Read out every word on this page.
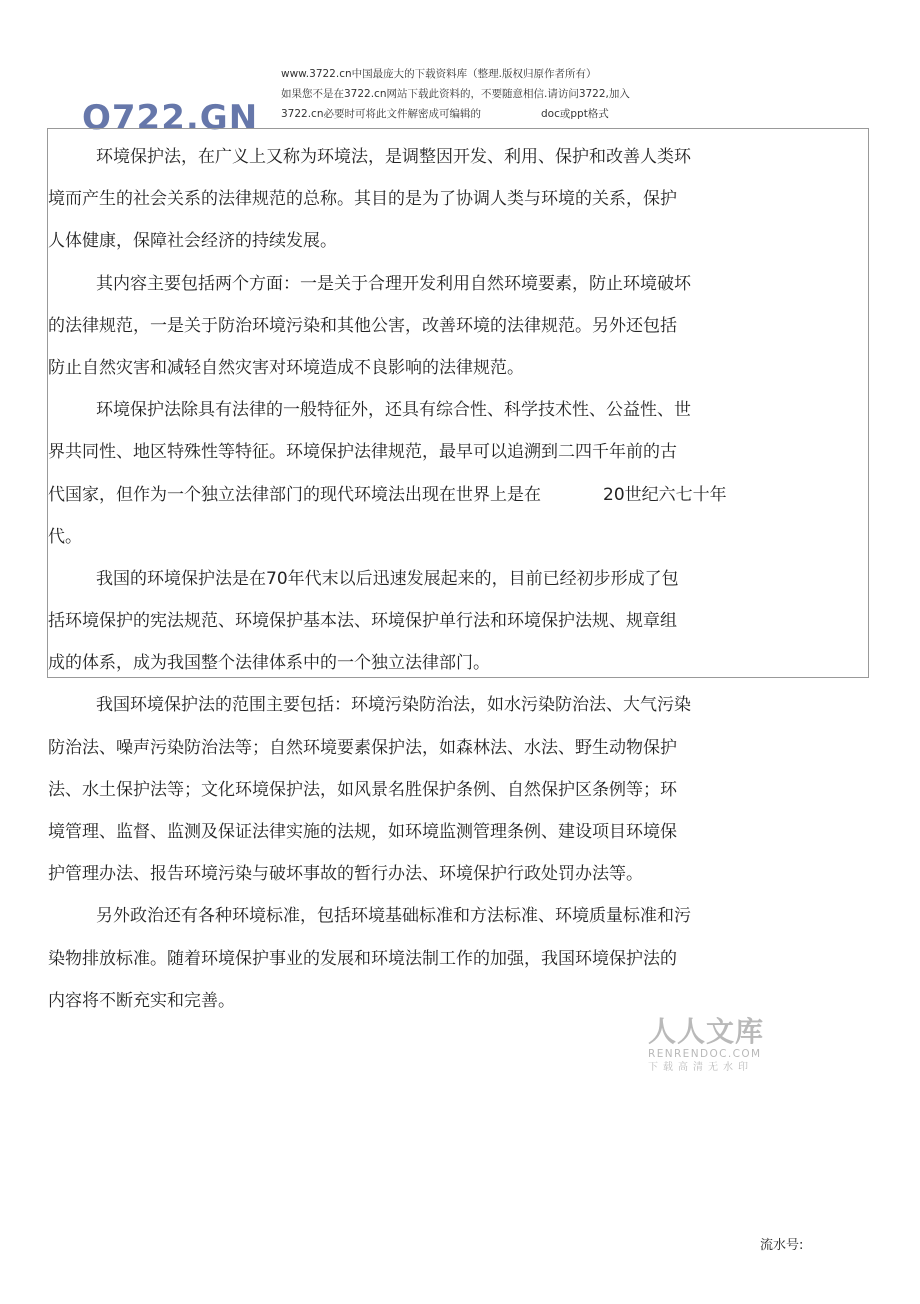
www.3722.cn中国最庞大的下载资料库（整理.版权归原作者所有）
如果您不是在3722.cn网站下载此资料的，不要随意相信.请访问3722,加入
3722.cn必要时可将此文件解密成可编辑的	doc或ppt格式
O722.GN
环境保护法，在广义上又称为环境法，是调整因开发、利用、保护和改善人类环
境而产生的社会关系的法律规范的总称。其目的是为了协调人类与环境的关系，保护
人体健康，保障社会经济的持续发展。
其内容主要包括两个方面：一是关于合理开发利用自然环境要素，防止环境破坏
的法律规范，一是关于防治环境污染和其他公害，改善环境的法律规范。另外还包括
防止自然灾害和减轻自然灾害对环境造成不良影响的法律规范。
环境保护法除具有法律的一般特征外，还具有综合性、科学技术性、公益性、世
界共同性、地区特殊性等特征。环境保护法律规范，最早可以追溯到二四千年前的古
代国家，但作为一个独立法律部门的现代环境法出现在世界上是在	20世纪六七十年
代。
我国的环境保护法是在70年代末以后迅速发展起来的，目前已经初步形成了包
括环境保护的宪法规范、环境保护基本法、环境保护单行法和环境保护法规、规章组
成的体系，成为我国整个法律体系中的一个独立法律部门。
我国环境保护法的范围主要包括：环境污染防治法，如水污染防治法、大气污染
防治法、噪声污染防治法等；自然环境要素保护法，如森林法、水法、野生动物保护
法、水土保护法等；文化环境保护法，如风景名胜保护条例、自然保护区条例等；环
境管理、监督、监测及保证法律实施的法规，如环境监测管理条例、建设项目环境保
护管理办法、报告环境污染与破坏事故的暂行办法、环境保护行政处罚办法等。
另外政治还有各种环境标准，包括环境基础标准和方法标准、环境质量标准和污
染物排放标准。随着环境保护事业的发展和环境法制工作的加强，我国环境保护法的
内容将不断充实和完善。
人人文库
RENRENDOC.COM
下载高清无水印
流水号:
